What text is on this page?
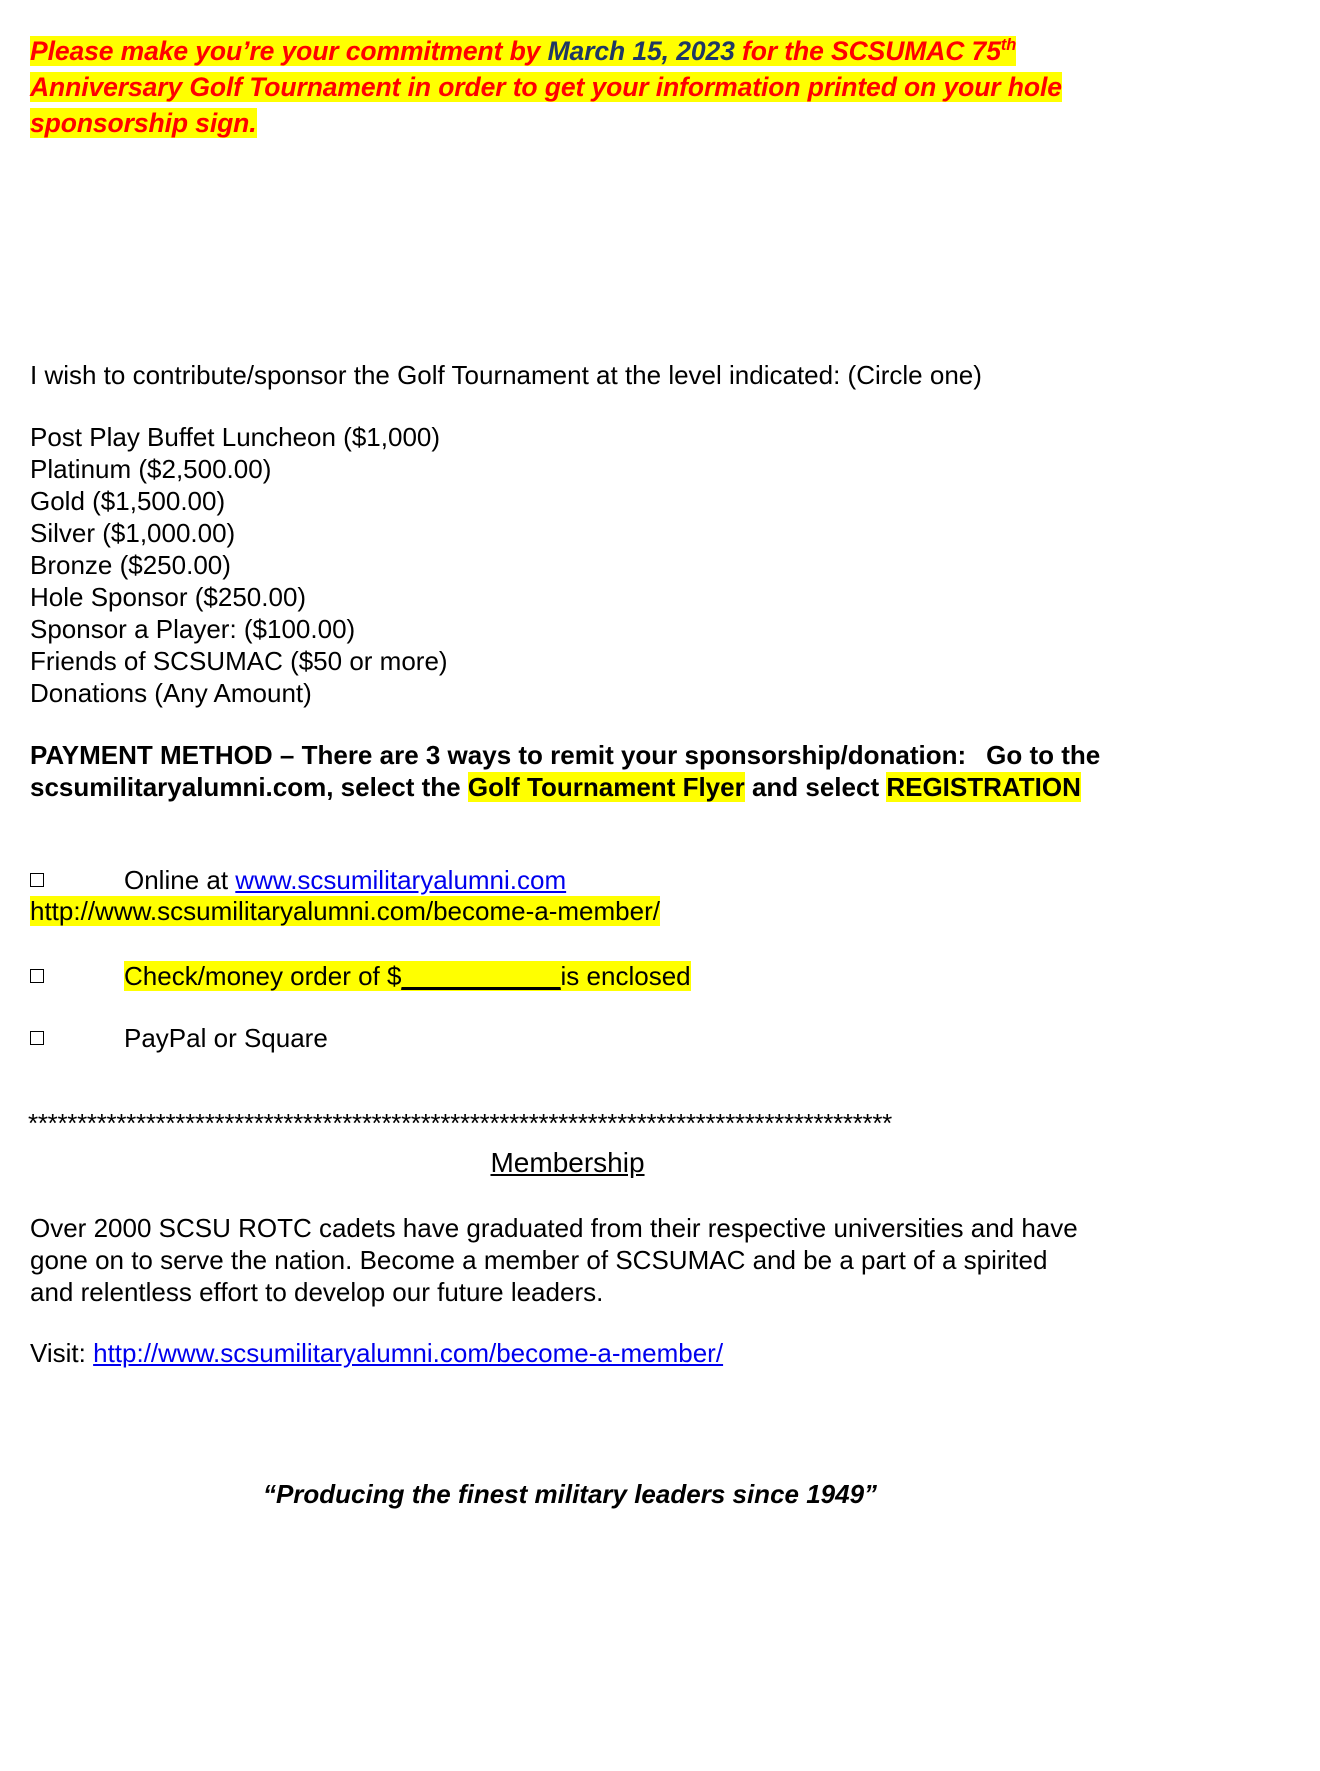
Please make you’re your commitment by March 15, 2023 for the SCSUMAC 75th Anniversary Golf Tournament in order to get your information printed on your hole sponsorship sign.
I wish to contribute/sponsor the Golf Tournament at the level indicated: (Circle one)
Post Play Buffet Luncheon ($1,000)
Platinum ($2,500.00)
Gold ($1,500.00)
Silver ($1,000.00)
Bronze ($250.00)
Hole Sponsor ($250.00)
Sponsor a Player: ($100.00)
Friends of SCSUMAC ($50 or more)
Donations (Any Amount)
PAYMENT METHOD – There are 3 ways to remit your sponsorship/donation: Go to the scsumilitaryalumni.com, select the Golf Tournament Flyer and select REGISTRATION
Online at www.scsumilitaryalumni.com
http://www.scsumilitaryalumni.com/become-a-member/
Check/money order of $___________is enclosed
PayPal or Square
****************************************************************************************
Membership
Over 2000 SCSU ROTC cadets have graduated from their respective universities and have gone on to serve the nation. Become a member of SCSUMAC and be a part of a spirited and relentless effort to develop our future leaders.
Visit: http://www.scsumilitaryalumni.com/become-a-member/
“Producing the finest military leaders since 1949”
